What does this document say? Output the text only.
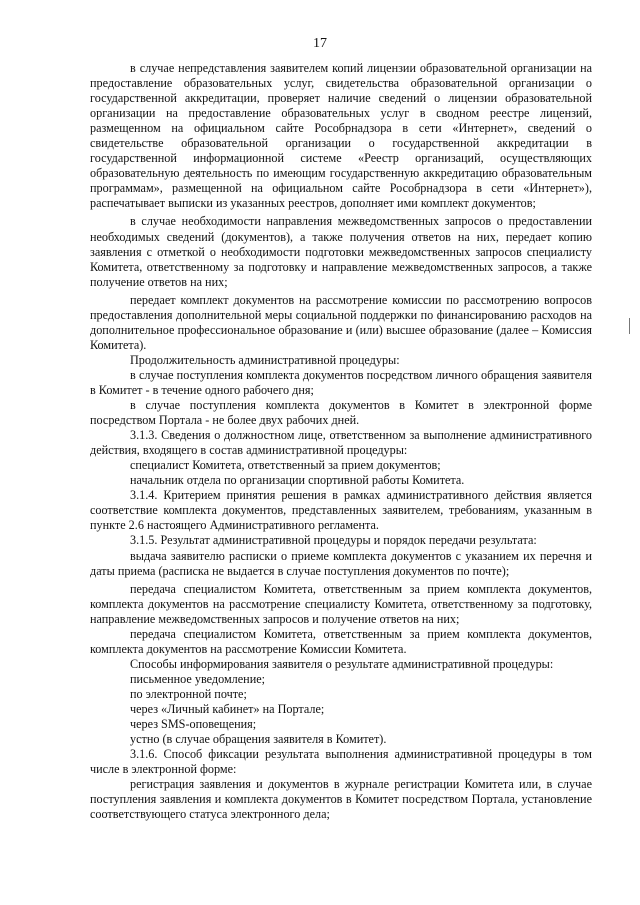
17

в случае непредставления заявителем копий лицензии образовательной организации на предоставление образовательных услуг, свидетельства образовательной организации о государственной аккредитации, проверяет наличие сведений о лицензии образовательной организации на предоставление образовательных услуг в сводном реестре лицензий, размещенном на официальном сайте Рособрнадзора в сети «Интернет», сведений о свидетельстве образовательной организации о государственной аккредитации в государственной информационной системе «Реестр организаций, осуществляющих образовательную деятельность по имеющим государственную аккредитацию образовательным программам», размещенной на официальном сайте Рособрнадзора в сети «Интернет»), распечатывает выписки из указанных реестров, дополняет ими комплект документов;

в случае необходимости направления межведомственных запросов о предоставлении необходимых сведений (документов), а также получения ответов на них, передает копию заявления с отметкой о необходимости подготовки межведомственных запросов специалисту Комитета, ответственному за подготовку и направление межведомственных запросов, а также получение ответов на них;

передает комплект документов на рассмотрение комиссии по рассмотрению вопросов предоставления дополнительной меры социальной поддержки по финансированию расходов на дополнительное профессиональное образование и (или) высшее образование (далее – Комиссия Комитета).

Продолжительность административной процедуры:

в случае поступления комплекта документов посредством личного обращения заявителя в Комитет - в течение одного рабочего дня;

в случае поступления комплекта документов в Комитет в электронной форме посредством Портала - не более двух рабочих дней.

3.1.3. Сведения о должностном лице, ответственном за выполнение административного действия, входящего в состав административной процедуры:

специалист Комитета, ответственный за прием документов;

начальник отдела по организации спортивной работы Комитета.

3.1.4. Критерием принятия решения в рамках административного действия является соответствие комплекта документов, представленных заявителем, требованиям, указанным в пункте 2.6 настоящего Административного регламента.

3.1.5. Результат административной процедуры и порядок передачи результата:

выдача заявителю расписки о приеме комплекта документов с указанием их перечня и даты приема (расписка не выдается в случае поступления документов по почте);

передача специалистом Комитета, ответственным за прием комплекта документов, комплекта документов на рассмотрение специалисту Комитета, ответственному за подготовку, направление межведомственных запросов и получение ответов на них;

передача специалистом Комитета, ответственным за прием комплекта документов, комплекта документов на рассмотрение Комиссии Комитета.

Способы информирования заявителя о результате административной процедуры:

письменное уведомление;

по электронной почте;

через «Личный кабинет» на Портале;

через SMS-оповещения;

устно (в случае обращения заявителя в Комитет).

3.1.6. Способ фиксации результата выполнения административной процедуры в том числе в электронной форме:

регистрация заявления и документов в журнале регистрации Комитета или, в случае поступления заявления и комплекта документов в Комитет посредством Портала, установление соответствующего статуса электронного дела;
